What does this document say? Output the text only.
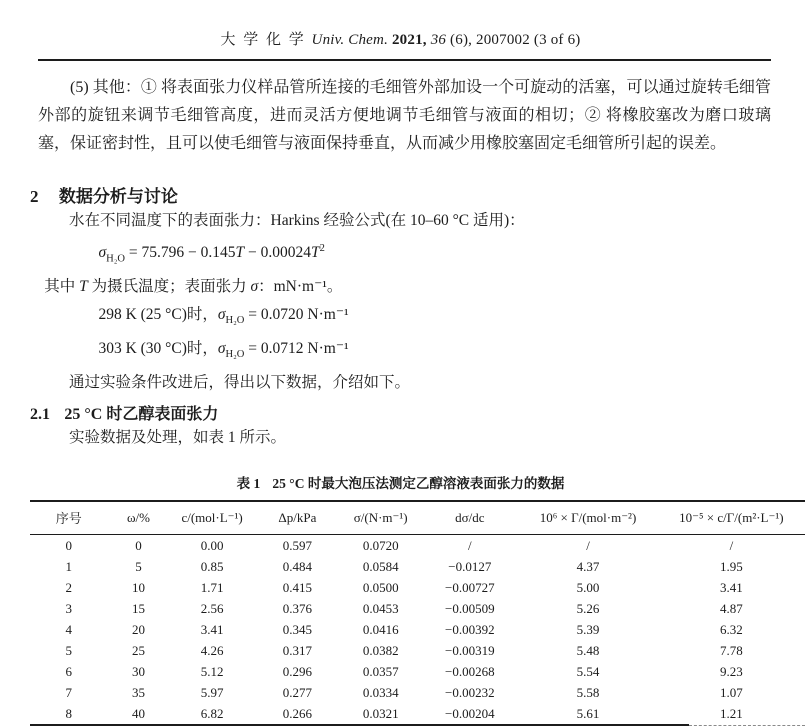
大 学 化 学 Univ. Chem. 2021, 36 (6), 2007002 (3 of 6)
(5) 其他：① 将表面张力仪样品管所连接的毛细管外部加设一个可旋动的活塞，可以通过旋转毛细管外部的旋钮来调节毛细管高度，进而灵活方便地调节毛细管与液面的相切；② 将橡胶塞改为磨口玻璃塞，保证密封性，且可以使毛细管与液面保持垂直，从而减少用橡胶塞固定毛细管所引起的误差。
2 数据分析与讨论
水在不同温度下的表面张力：Harkins 经验公式(在 10–60 °C 适用)：
$\sigma_{H_2O} = 75.796 - 0.145T - 0.00024T^2$
其中 T 为摄氏温度；表面张力 σ：mN·m⁻¹。
298 K (25 °C)时，$\sigma_{H_2O} = 0.0720$ N·m⁻¹
303 K (30 °C)时，$\sigma_{H_2O} = 0.0712$ N·m⁻¹
通过实验条件改进后，得出以下数据，介绍如下。
2.1 25 °C 时乙醇表面张力
实验数据及处理，如表 1 所示。
表 1 25 °C 时最大泡压法测定乙醇溶液表面张力的数据
序号	ω/%	c/(mol·L⁻¹)	Δp/kPa	σ/(N·m⁻¹)	dσ/dc	10⁶ × Γ/(mol·m⁻²)	10⁻⁵ × c/Γ/(m²·L⁻¹)
0	0	0.00	0.597	0.0720	/	/	/
1	5	0.85	0.484	0.0584	−0.0127	4.37	1.95
2	10	1.71	0.415	0.0500	−0.00727	5.00	3.41
3	15	2.56	0.376	0.0453	−0.00509	5.26	4.87
4	20	3.41	0.345	0.0416	−0.00392	5.39	6.32
5	25	4.26	0.317	0.0382	−0.00319	5.48	7.78
6	30	5.12	0.296	0.0357	−0.00268	5.54	9.23
7	35	5.97	0.277	0.0334	−0.00232	5.58	1.07
8	40	6.82	0.266	0.0321	−0.00204	5.61	1.21
